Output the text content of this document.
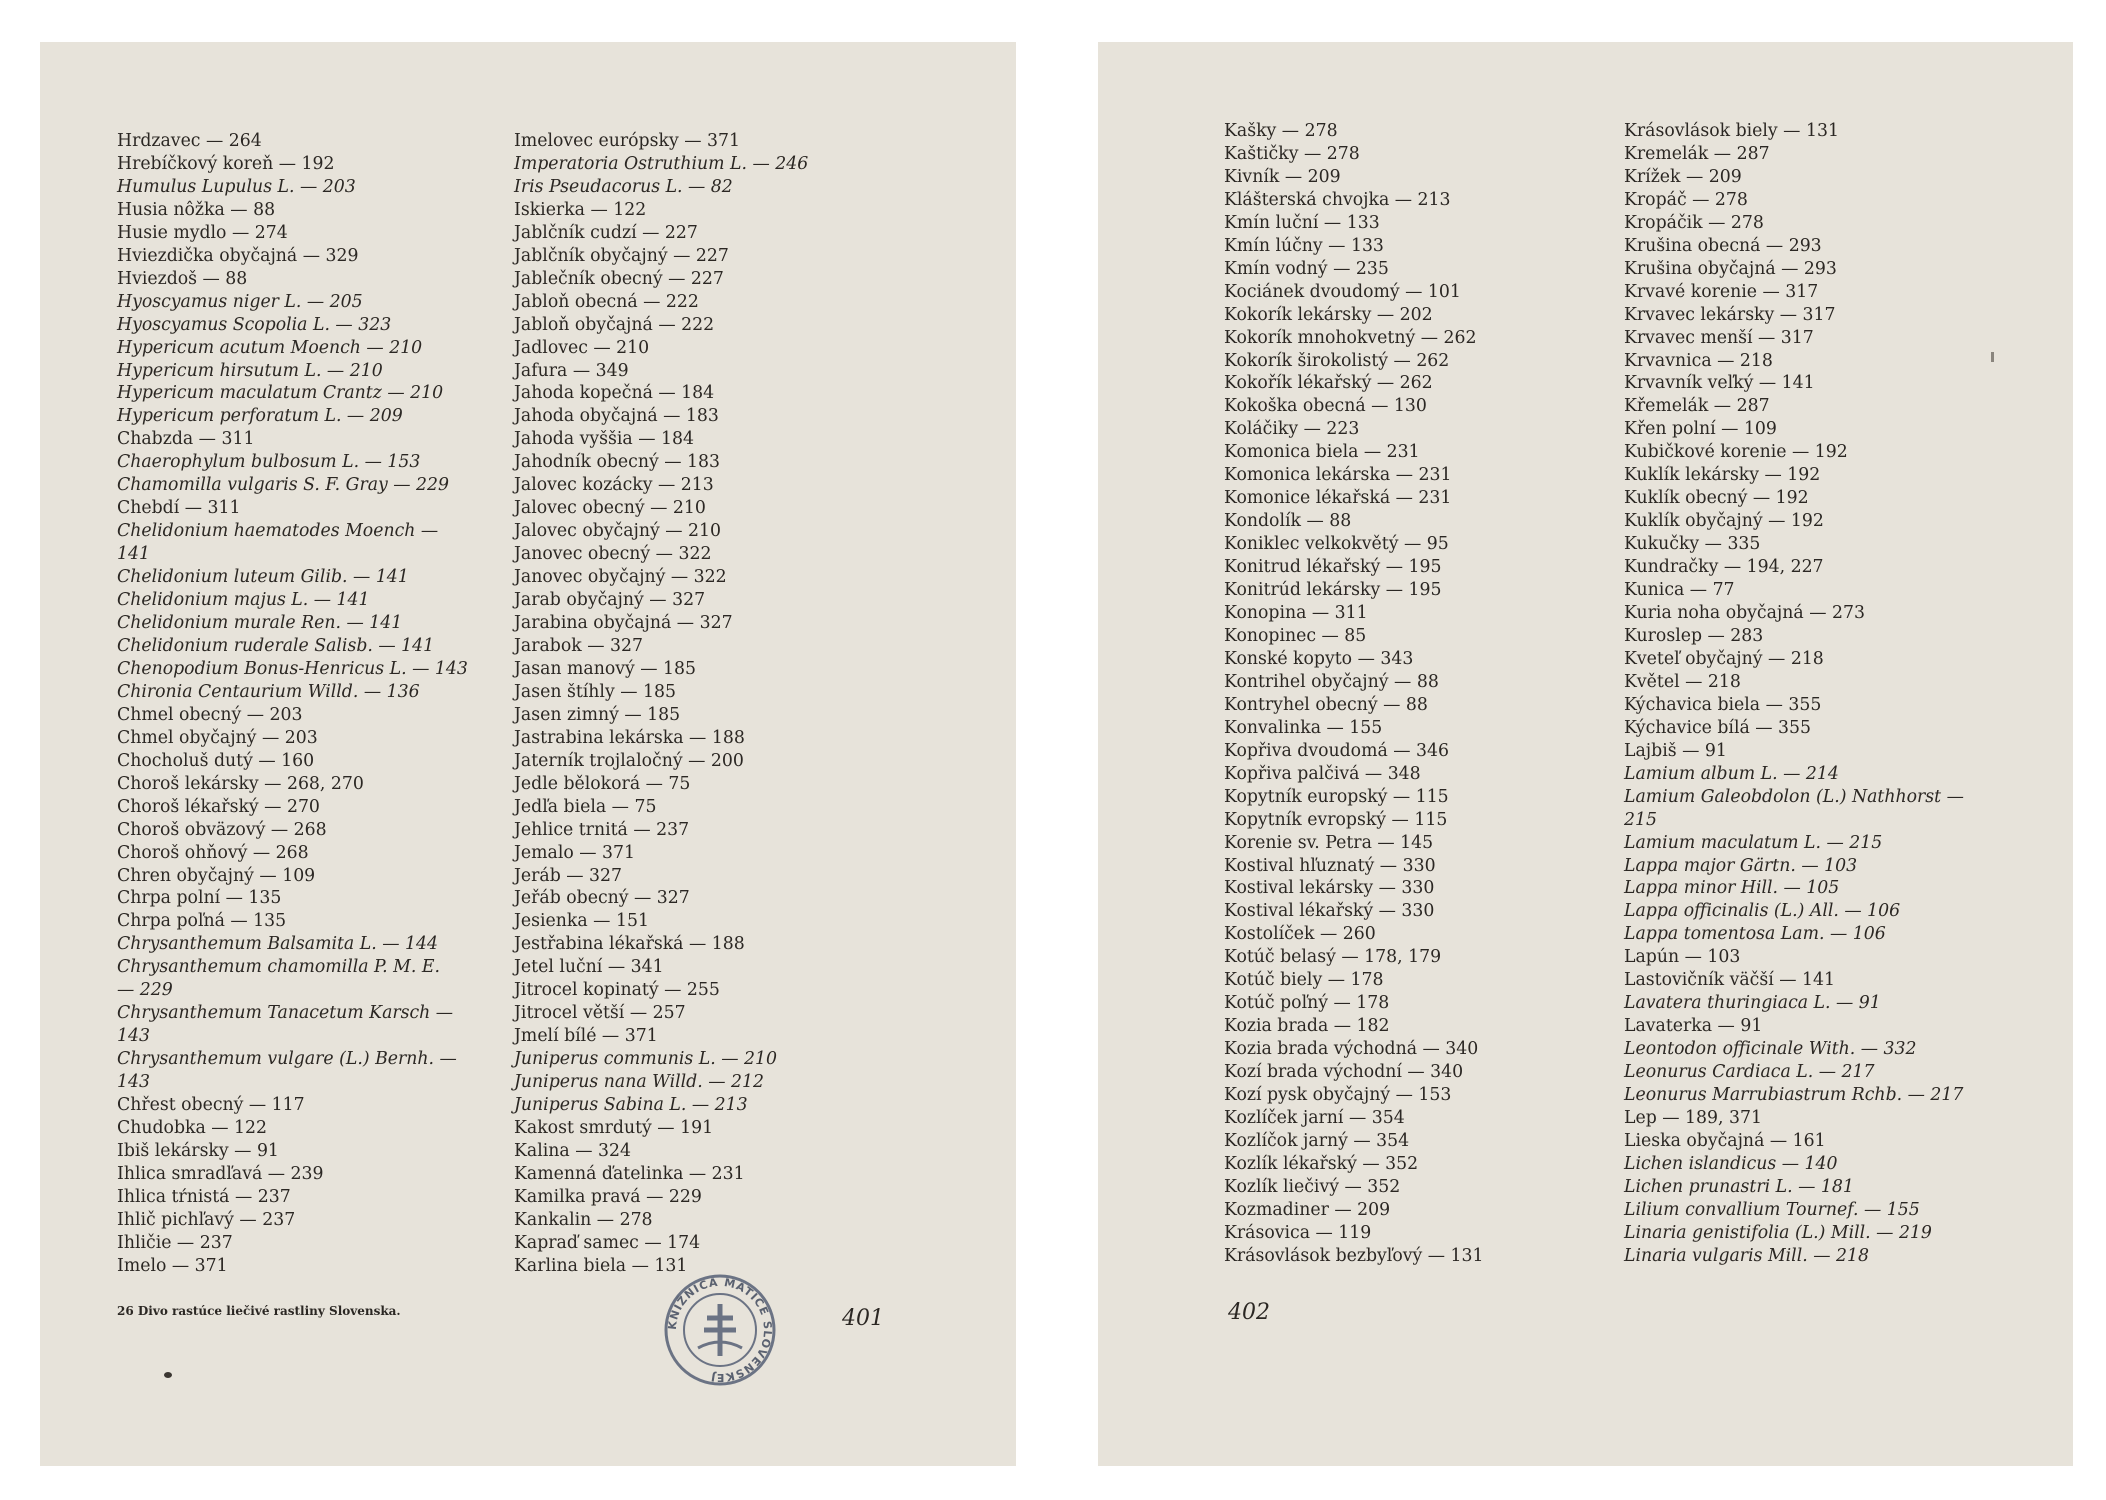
Hrdzavec — 264
Hrebíčkový koreň — 192
Humulus Lupulus L. — 203
Husia nôžka — 88
Husie mydlo — 274
Hviezdička obyčajná — 329
Hviezdoš — 88
Hyoscyamus niger L. — 205
Hyoscyamus Scopolia L. — 323
Hypericum acutum Moench — 210
Hypericum hirsutum L. — 210
Hypericum maculatum Crantz — 210
Hypericum perforatum L. — 209
Chabzda — 311
Chaerophylum bulbosum L. — 153
Chamomilla vulgaris S. F. Gray — 229
Chebdí — 311
Chelidonium haematodes Moench —
141
Chelidonium luteum Gilib. — 141
Chelidonium majus L. — 141
Chelidonium murale Ren. — 141
Chelidonium ruderale Salisb. — 141
Chenopodium Bonus-Henricus L. — 143
Chironia Centaurium Willd. — 136
Chmel obecný — 203
Chmel obyčajný — 203
Chocholuš dutý — 160
Choroš lekársky — 268, 270
Choroš lékařský — 270
Choroš obväzový — 268
Choroš ohňový — 268
Chren obyčajný — 109
Chrpa polní — 135
Chrpa poľná — 135
Chrysanthemum Balsamita L. — 144
Chrysanthemum chamomilla P. M. E.
— 229
Chrysanthemum Tanacetum Karsch —
143
Chrysanthemum vulgare (L.) Bernh. —
143
Chřest obecný — 117
Chudobka — 122
Ibiš lekársky — 91
Ihlica smradľavá — 239
Ihlica tŕnistá — 237
Ihlič pichľavý — 237
Ihličie — 237
Imelo — 371
Imelovec európsky — 371
Imperatoria Ostruthium L. — 246
Iris Pseudacorus L. — 82
Iskierka — 122
Jablčník cudzí — 227
Jablčník obyčajný — 227
Jablečník obecný — 227
Jabloň obecná — 222
Jabloň obyčajná — 222
Jadlovec — 210
Jafura — 349
Jahoda kopečná — 184
Jahoda obyčajná — 183
Jahoda vyššia — 184
Jahodník obecný — 183
Jalovec kozácky — 213
Jalovec obecný — 210
Jalovec obyčajný — 210
Janovec obecný — 322
Janovec obyčajný — 322
Jarab obyčajný — 327
Jarabina obyčajná — 327
Jarabok — 327
Jasan manový — 185
Jasen štíhly — 185
Jasen zimný — 185
Jastrabina lekárska — 188
Jaterník trojlaločný — 200
Jedle bělokorá — 75
Jedľa biela — 75
Jehlice trnitá — 237
Jemalo — 371
Jeráb — 327
Jeřáb obecný — 327
Jesienka — 151
Jestřabina lékařská — 188
Jetel luční — 341
Jitrocel kopinatý — 255
Jitrocel větší — 257
Jmelí bílé — 371
Juniperus communis L. — 210
Juniperus nana Willd. — 212
Juniperus Sabina L. — 213
Kakost smrdutý — 191
Kalina — 324
Kamenná ďatelinka — 231
Kamilka pravá — 229
Kankalin — 278
Kapraď samec — 174
Karlina biela — 131
26 Divo rastúce liečivé rastliny Slovenska.	401
KNIŽNICA MATICE SLOVENSKEJ
Kašky — 278
Kaštičky — 278
Kivník — 209
Klášterská chvojka — 213
Kmín luční — 133
Kmín lúčny — 133
Kmín vodný — 235
Kociánek dvoudomý — 101
Kokorík lekársky — 202
Kokorík mnohokvetný — 262
Kokorík širokolistý — 262
Kokořík lékařský — 262
Kokoška obecná — 130
Koláčiky — 223
Komonica biela — 231
Komonica lekárska — 231
Komonice lékařská — 231
Kondolík — 88
Koniklec velkokvětý — 95
Konitrud lékařský — 195
Konitrúd lekársky — 195
Konopina — 311
Konopinec — 85
Konské kopyto — 343
Kontrihel obyčajný — 88
Kontryhel obecný — 88
Konvalinka — 155
Kopřiva dvoudomá — 346
Kopřiva palčivá — 348
Kopytník europský — 115
Kopytník evropský — 115
Korenie sv. Petra — 145
Kostival hľuznatý — 330
Kostival lekársky — 330
Kostival lékařský — 330
Kostolíček — 260
Kotúč belasý — 178, 179
Kotúč biely — 178
Kotúč poľný — 178
Kozia brada — 182
Kozia brada východná — 340
Kozí brada východní — 340
Kozí pysk obyčajný — 153
Kozlíček jarní — 354
Kozlíčok jarný — 354
Kozlík lékařský — 352
Kozlík liečivý — 352
Kozmadiner — 209
Krásovica — 119
Krásovlások bezbyľový — 131
Krásovlások biely — 131
Kremelák — 287
Krížek — 209
Kropáč — 278
Kropáčik — 278
Krušina obecná — 293
Krušina obyčajná — 293
Krvavé korenie — 317
Krvavec lekársky — 317
Krvavec menší — 317
Krvavnica — 218
Krvavník veľký — 141
Křemelák — 287
Křen polní — 109
Kubičkové korenie — 192
Kuklík lekársky — 192
Kuklík obecný — 192
Kuklík obyčajný — 192
Kukučky — 335
Kundračky — 194, 227
Kunica — 77
Kuria noha obyčajná — 273
Kuroslep — 283
Kveteľ obyčajný — 218
Květel — 218
Kýchavica biela — 355
Kýchavice bílá — 355
Lajbiš — 91
Lamium album L. — 214
Lamium Galeobdolon (L.) Nathhorst —
215
Lamium maculatum L. — 215
Lappa major Gärtn. — 103
Lappa minor Hill. — 105
Lappa officinalis (L.) All. — 106
Lappa tomentosa Lam. — 106
Lapún — 103
Lastovičník väčší — 141
Lavatera thuringiaca L. — 91
Lavaterka — 91
Leontodon officinale With. — 332
Leonurus Cardiaca L. — 217
Leonurus Marrubiastrum Rchb. — 217
Lep — 189, 371
Lieska obyčajná — 161
Lichen islandicus — 140
Lichen prunastri L. — 181
Lilium convallium Tournef. — 155
Linaria genistifolia (L.) Mill. — 219
Linaria vulgaris Mill. — 218
402
